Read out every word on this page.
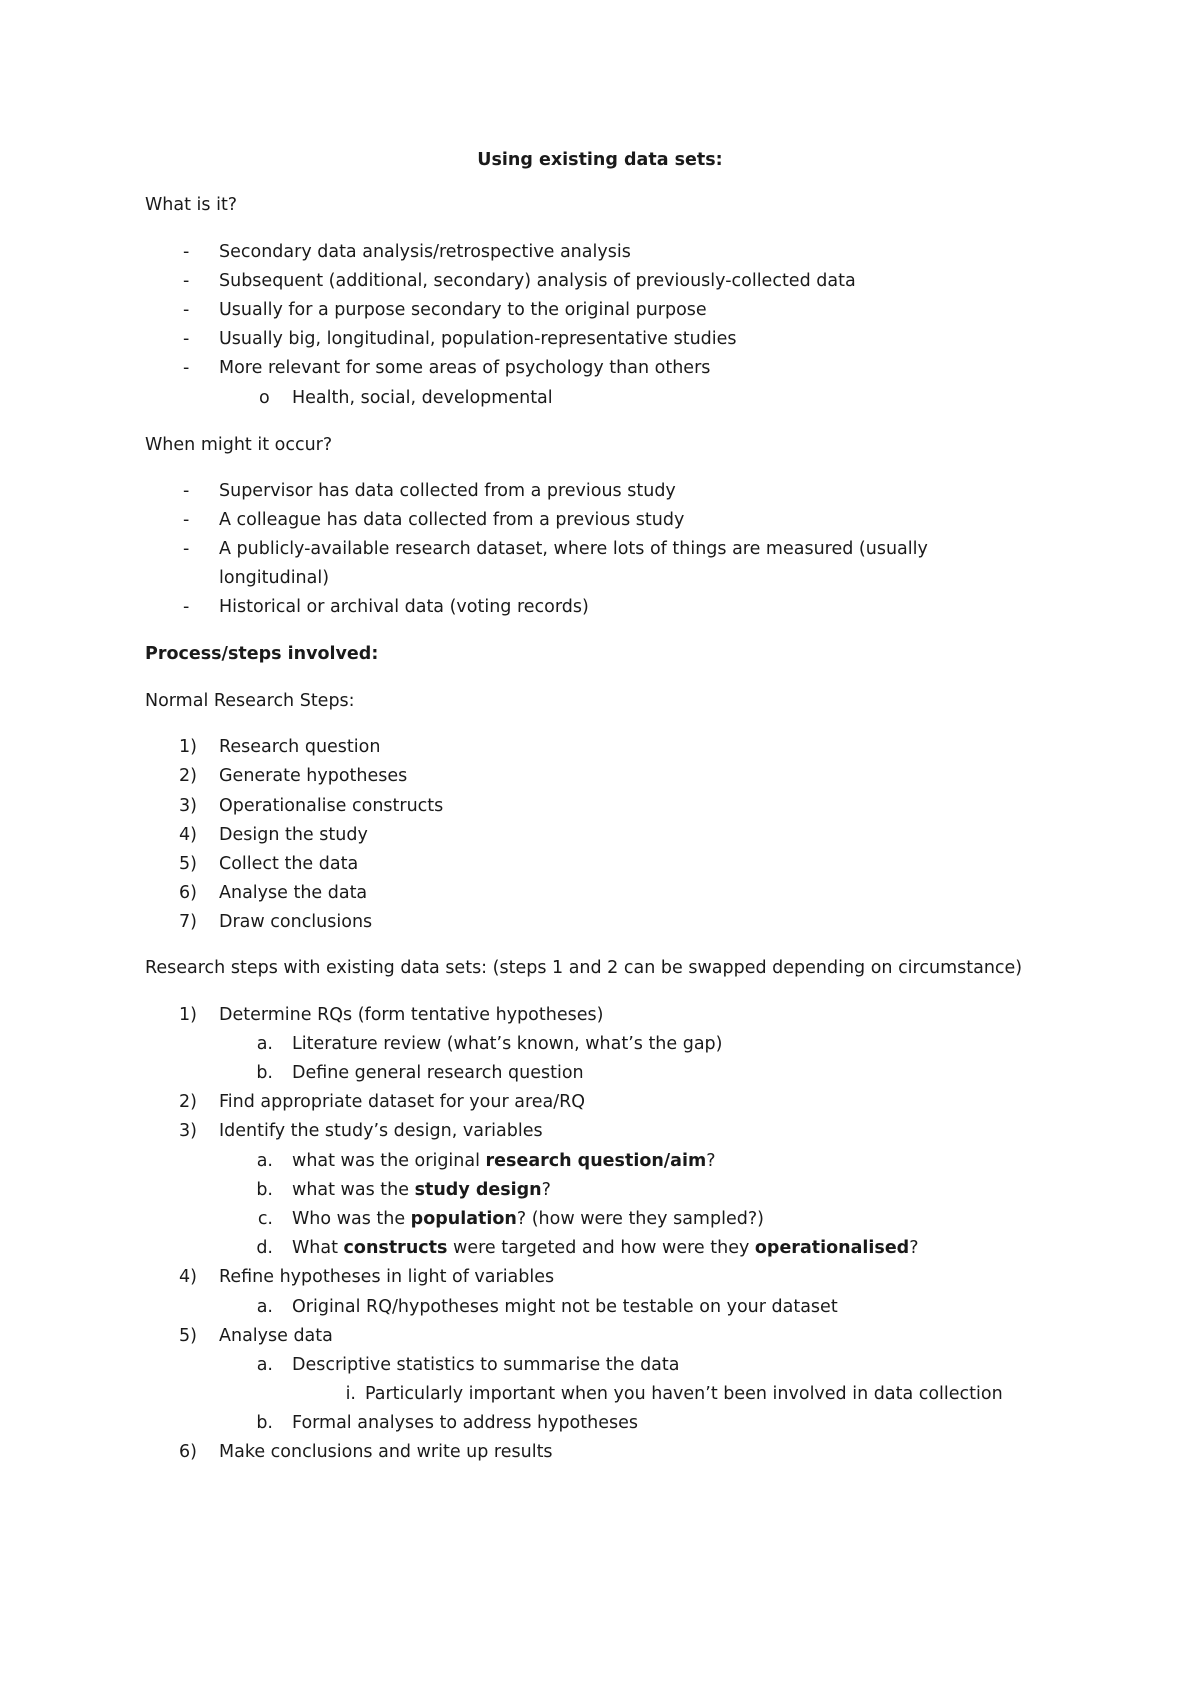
Using existing data sets:
What is it?
- Secondary data analysis/retrospective analysis
- Subsequent (additional, secondary) analysis of previously-collected data
- Usually for a purpose secondary to the original purpose
- Usually big, longitudinal, population-representative studies
- More relevant for some areas of psychology than others
o Health, social, developmental
When might it occur?
- Supervisor has data collected from a previous study
- A colleague has data collected from a previous study
- A publicly-available research dataset, where lots of things are measured (usually
longitudinal)
- Historical or archival data (voting records)
Process/steps involved:
Normal Research Steps:
1) Research question
2) Generate hypotheses
3) Operationalise constructs
4) Design the study
5) Collect the data
6) Analyse the data
7) Draw conclusions
Research steps with existing data sets: (steps 1 and 2 can be swapped depending on circumstance)
1) Determine RQs (form tentative hypotheses)
a. Literature review (what’s known, what’s the gap)
b. Define general research question
2) Find appropriate dataset for your area/RQ
3) Identify the study’s design, variables
a. what was the original research question/aim?
b. what was the study design?
c. Who was the population? (how were they sampled?)
d. What constructs were targeted and how were they operationalised?
4) Refine hypotheses in light of variables
a. Original RQ/hypotheses might not be testable on your dataset
5) Analyse data
a. Descriptive statistics to summarise the data
i. Particularly important when you haven’t been involved in data collection
b. Formal analyses to address hypotheses
6) Make conclusions and write up results
